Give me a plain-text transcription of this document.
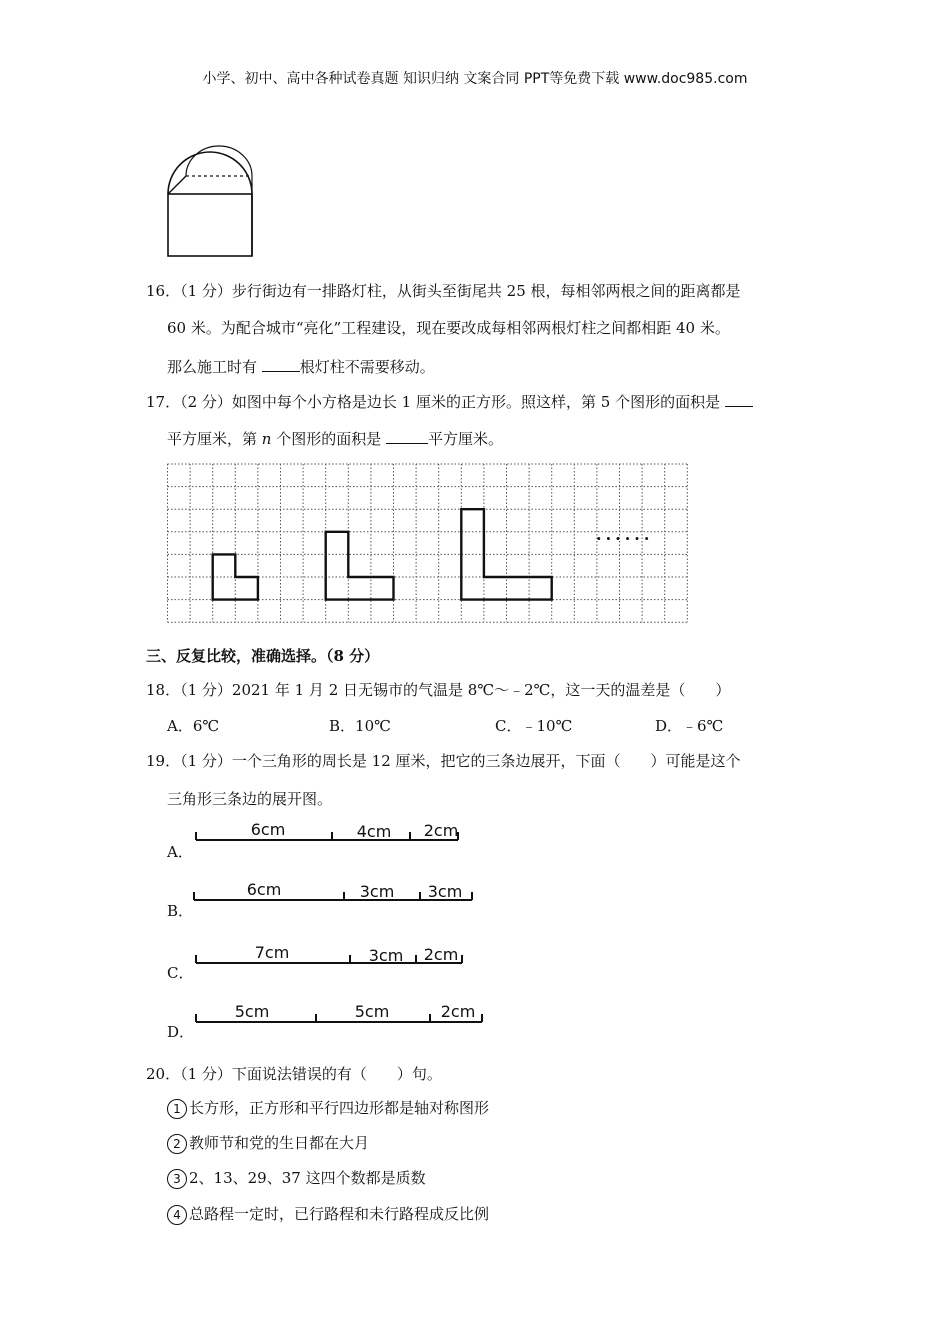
小学、初中、高中各种试卷真题 知识归纳 文案合同 PPT等免费下载 www.doc985.com
16．（1 分）步行街边有一排路灯柱，从街头至街尾共 25 根，每相邻两根之间的距离都是
60 米。为配合城市“亮化”工程建设，现在要改成每相邻两根灯柱之间都相距 40 米。
那么施工时有	根灯柱不需要移动。
17．（2 分）如图中每个小方格是边长 1 厘米的正方形。照这样，第 5 个图形的面积是
平方厘米，第 n 个图形的面积是	平方厘米。
······
三、反复比较，准确选择。（8 分）
18．（1 分）2021 年 1 月 2 日无锡市的气温是 8℃～﹣2℃，这一天的温差是（　　）
A．6℃	B．10℃	C．﹣10℃	D．﹣6℃
19．（1 分）一个三角形的周长是 12 厘米，把它的三条边展开，下面（　　）可能是这个
三角形三条边的展开图。
A．
6cm	4cm 2cm
B．
6cm	3cm 3cm
C．
7cm	3cm 2cm
D．
5cm	5cm	2cm
20．（1 分）下面说法错误的有（　　）句。
1 长方形，正方形和平行四边形都是轴对称图形
2 教师节和党的生日都在大月
3 2、13、29、37 这四个数都是质数
4 总路程一定时，已行路程和未行路程成反比例
